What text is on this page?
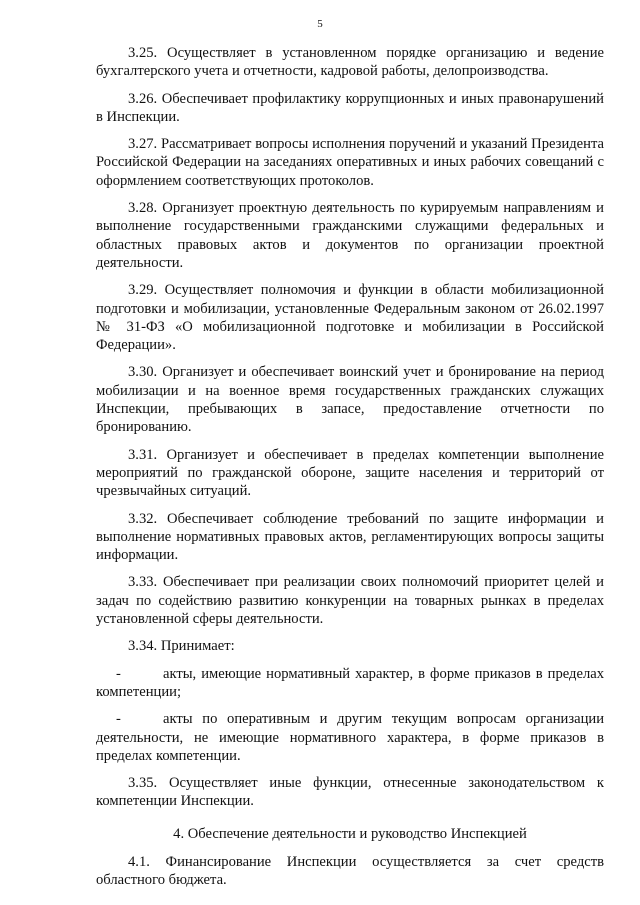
5

3.25. Осуществляет в установленном порядке организацию и ведение бухгалтерского учета и отчетности, кадровой работы, делопроизводства.

3.26. Обеспечивает профилактику коррупционных и иных правонарушений в Инспекции.

3.27. Рассматривает вопросы исполнения поручений и указаний Президента Российской Федерации на заседаниях оперативных и иных рабочих совещаний с оформлением соответствующих протоколов.

3.28. Организует проектную деятельность по курируемым направлениям и выполнение государственными гражданскими служащими федеральных и областных правовых актов и документов по организации проектной деятельности.

3.29. Осуществляет полномочия и функции в области мобилизационной подготовки и мобилизации, установленные Федеральным законом от 26.02.1997 № 31-ФЗ «О мобилизационной подготовке и мобилизации в Российской Федерации».

3.30. Организует и обеспечивает воинский учет и бронирование на период мобилизации и на военное время государственных гражданских служащих Инспекции, пребывающих в запасе, предоставление отчетности по бронированию.

3.31. Организует и обеспечивает в пределах компетенции выполнение мероприятий по гражданской обороне, защите населения и территорий от чрезвычайных ситуаций.

3.32. Обеспечивает соблюдение требований по защите информации и выполнение нормативных правовых актов, регламентирующих вопросы защиты информации.

3.33. Обеспечивает при реализации своих полномочий приоритет целей и задач по содействию развитию конкуренции на товарных рынках в пределах установленной сферы деятельности.

3.34. Принимает:

-	акты, имеющие нормативный характер, в форме приказов в пределах компетенции;

-	акты по оперативным и другим текущим вопросам организации деятельности, не имеющие нормативного характера, в форме приказов в пределах компетенции.

3.35. Осуществляет иные функции, отнесенные законодательством к компетенции Инспекции.

4. Обеспечение деятельности и руководство Инспекцией

4.1. Финансирование Инспекции осуществляется за счет средств областного бюджета.
